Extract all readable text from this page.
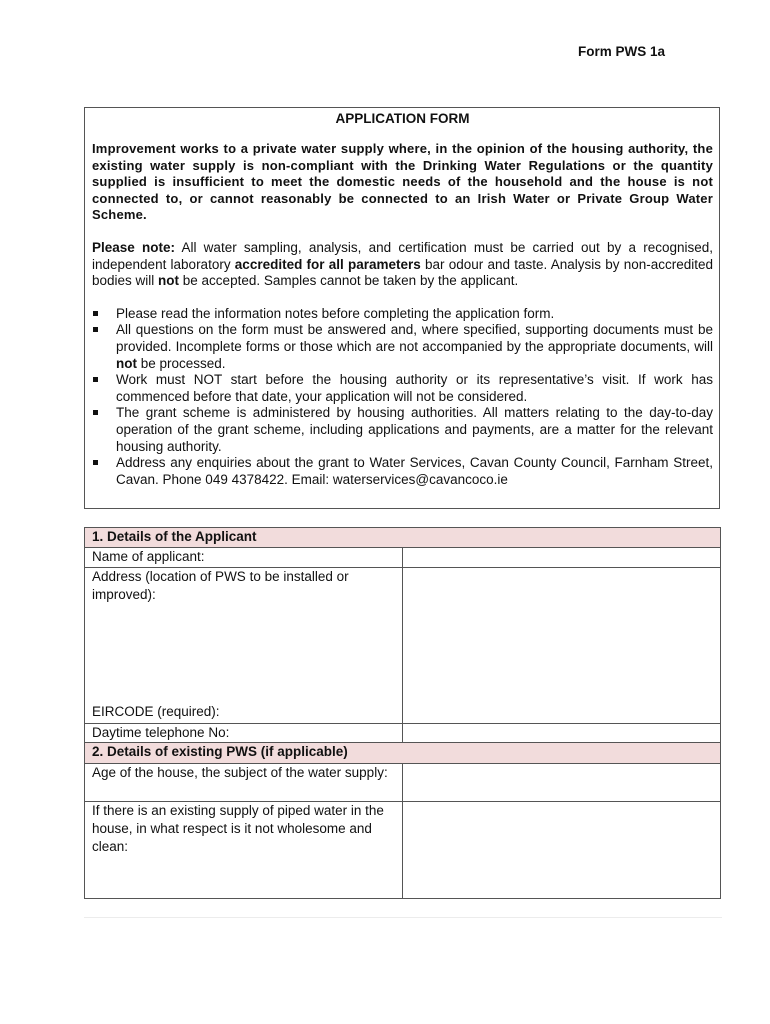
Form PWS 1a
APPLICATION FORM
Improvement works to a private water supply where, in the opinion of the housing authority, the existing water supply is non-compliant with the Drinking Water Regulations or the quantity supplied is insufficient to meet the domestic needs of the household and the house is not connected to, or cannot reasonably be connected to an Irish Water or Private Group Water Scheme.
Please note: All water sampling, analysis, and certification must be carried out by a recognised, independent laboratory accredited for all parameters bar odour and taste. Analysis by non-accredited bodies will not be accepted. Samples cannot be taken by the applicant.
Please read the information notes before completing the application form.
All questions on the form must be answered and, where specified, supporting documents must be provided. Incomplete forms or those which are not accompanied by the appropriate documents, will not be processed.
Work must NOT start before the housing authority or its representative’s visit. If work has commenced before that date, your application will not be considered.
The grant scheme is administered by housing authorities. All matters relating to the day-to-day operation of the grant scheme, including applications and payments, are a matter for the relevant housing authority.
Address any enquiries about the grant to Water Services, Cavan County Council, Farnham Street, Cavan. Phone 049 4378422. Email: waterservices@cavancoco.ie
1. Details of the Applicant	
Name of applicant:	

Address (location of PWS to be installed or improved):
EIRCODE (required):	

Daytime telephone No:	
2. Details of existing PWS (if applicable)	
Age of the house, the subject of the water supply:	
If there is an existing supply of piped water in the house, in what respect is it not wholesome and clean:	
